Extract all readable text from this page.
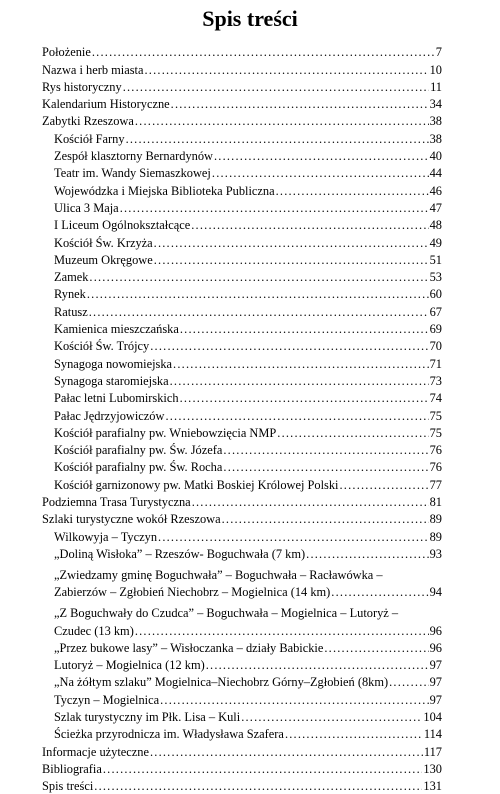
Spis treści
Położenie .....	7
Nazwa i herb miasta .....	10
Rys historyczny .....	11
Kalendarium Historyczne .....	34
Zabytki Rzeszowa .....	38
Kościół Farny .....	38
Zespół klasztorny Bernardynów .....	40
Teatr im. Wandy Siemaszkowej .....	44
Wojewódzka i Miejska Biblioteka Publiczna .....	46
Ulica 3 Maja .....	47
I Liceum Ogólnokształcące .....	48
Kościół Św. Krzyża .....	49
Muzeum Okręgowe .....	51
Zamek .....	53
Rynek .....	60
Ratusz .....	67
Kamienica mieszczańska .....	69
Kościół Św. Trójcy .....	70
Synagoga nowomiejska .....	71
Synagoga staromiejska .....	73
Pałac letni Lubomirskich .....	74
Pałac Jędrzyjowiczów .....	75
Kościół parafialny pw. Wniebowzięcia NMP .....	75
Kościół parafialny pw. Św. Józefa .....	76
Kościół parafialny pw. Św. Rocha .....	76
Kościół garnizonowy pw. Matki Boskiej Królowej Polski .....	77
Podziemna Trasa Turystyczna .....	81
Szlaki turystyczne wokół Rzeszowa .....	89
Wilkowyja – Tyczyn .....	89
„Doliną Wisłoka” – Rzeszów- Boguchwała (7 km) .....	93
„Zwiedzamy gminę Boguchwała” – Boguchwała – Racławówka –
Zabierzów – Zgłobień Niechobrz – Mogielnica (14 km) .....	94
„Z Boguchwały do Czudca” – Boguchwała – Mogielnica – Lutoryż –
Czudec (13 km) .....	96
„Przez bukowe lasy” – Wisłoczanka – działy Babickie .....	96
Lutoryż – Mogielnica (12 km) .....	97
„Na żółtym szlaku” Mogielnica–Niechobrz Górny–Zgłobień (8km) .....	97
Tyczyn – Mogielnica .....	97
Szlak turystyczny im Płk. Lisa – Kuli .....	104
Ścieżka przyrodnicza im. Władysława Szafera .....	114
Informacje użyteczne .....	117
Bibliografia .....	130
Spis treści .....	131
